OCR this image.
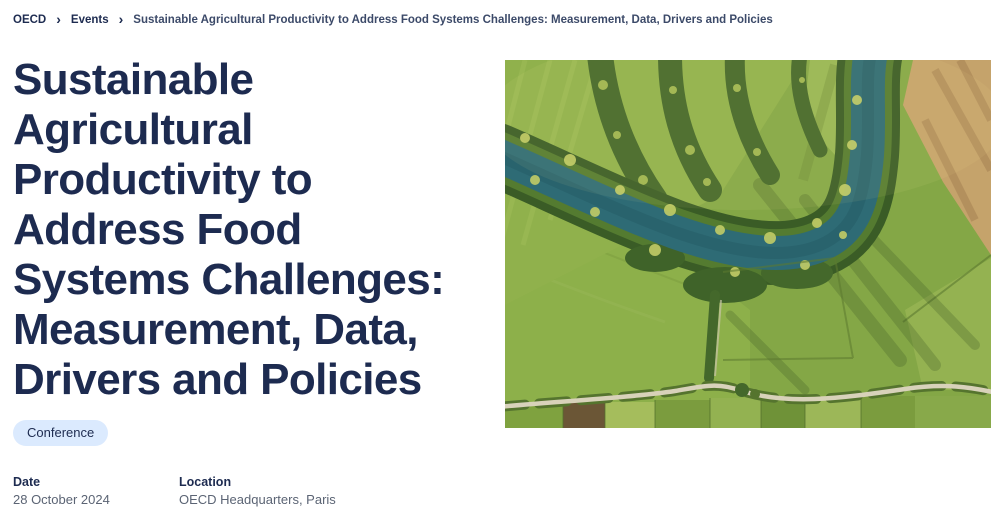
OECD › Events › Sustainable Agricultural Productivity to Address Food Systems Challenges: Measurement, Data, Drivers and Policies
Sustainable Agricultural Productivity to Address Food Systems Challenges: Measurement, Data, Drivers and Policies
Conference
Date
28 October 2024
Location
OECD Headquarters, Paris
